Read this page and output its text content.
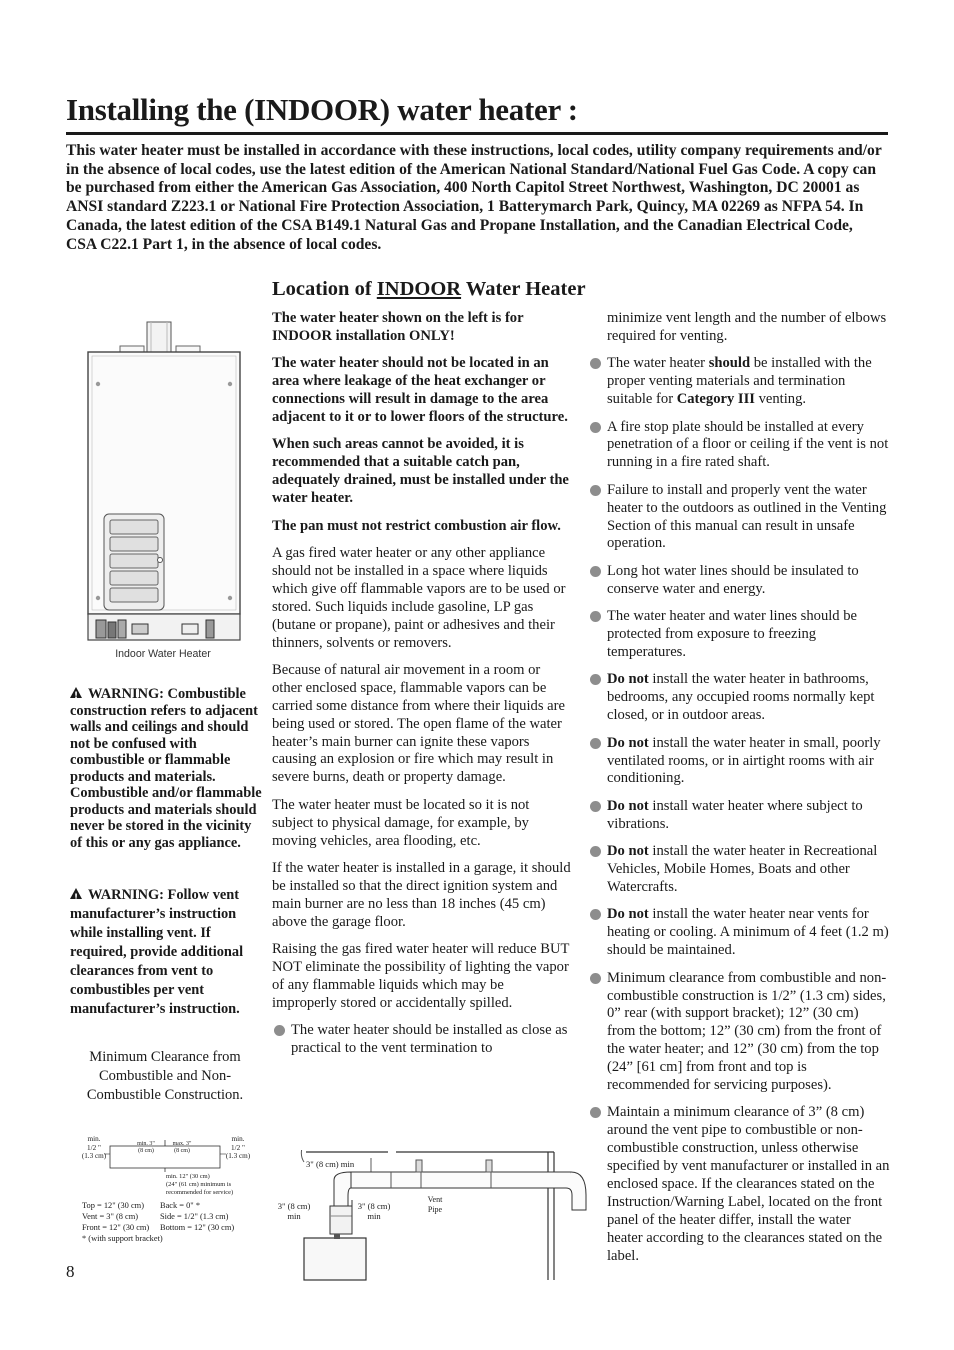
Installing the (INDOOR) water heater :
This water heater must be installed in accordance with these instructions, local codes, utility company requirements and/or in the absence of local codes, use the latest edition of the American National Standard/National Fuel Gas Code. A copy can be purchased from either the American Gas Association, 400 North Capitol Street Northwest, Washington, DC 20001 as ANSI standard Z223.1 or National Fire Protection Association, 1 Batterymarch Park, Quincy, MA 02269 as NFPA 54. In Canada, the latest edition of the CSA B149.1 Natural Gas and Propane Installation, and the Canadian Electrical Code, CSA C22.1 Part 1, in the absence of local codes.
Indoor Water Heater
!WARNING: Combustible construction refers to adjacent walls and ceilings and should not be confused with combustible or flammable products and materials. Combustible and/or flammable products and materials should never be stored in the vicinity of this or any gas appliance.
!WARNING: Follow vent manufacturer’s instruction while installing vent. If required, provide additional clearances from vent to combustibles per vent manufacturer’s instruction.
Minimum Clearance from Combustible and Non-Combustible Construction.
min.
1/2 "
(1.3 cm)
min.
1/2 "
(1.3 cm)
min. 3"
(8 cm)
max. 3"
(8 cm)
min. 12" (30 cm)
(24" (61 cm) minimum is
recommended for service)
Top = 12" (30 cm) Back = 0" *
Vent = 3" (8 cm)	Side = 1/2" (1.3 cm)
Front = 12" (30 cm) Bottom = 12" (30 cm)
* (with support bracket)
Location of INDOOR Water Heater

The water heater shown on the left is for INDOOR installation ONLY!

The water heater should not be located in an area where leakage of the heat exchanger or connections will result in damage to the area adjacent to it or to lower floors of the structure.

When such areas cannot be avoided, it is recommended that a suitable catch pan, adequately drained, must be installed under the water heater.

The pan must not restrict combustion air flow.

A gas fired water heater or any other appliance should not be installed in a space where liquids which give off flammable vapors are to be used or stored. Such liquids include gasoline, LP gas (butane or propane), paint or adhesives and their thinners, solvents or removers.

Because of natural air movement in a room or other enclosed space, flammable vapors can be carried some distance from where their liquids are being used or stored. The open flame of the water heater’s main burner can ignite these vapors causing an explosion or fire which may result in severe burns, death or property damage.

The water heater must be located so it is not subject to physical damage, for example, by moving vehicles, area flooding, etc.

If the water heater is installed in a garage, it should be installed so that the direct ignition system and main burner are no less than 18 inches (45 cm) above the garage floor.

Raising the gas fired water heater will reduce BUT NOT eliminate the possibility of lighting the vapor of any flammable liquids which may be improperly stored or accidentally spilled.

The water heater should be installed as close as practical to the vent termination to
3" (8 cm) min
3" (8 cm)
min
3" (8 cm)
min
Vent
Pipe
minimize vent length and the number of elbows required for venting.
The water heater should be installed with the proper venting materials and termination suitable for Category III venting.
A fire stop plate should be installed at every penetration of a floor or ceiling if the vent is not running in a fire rated shaft.
Failure to install and properly vent the water heater to the outdoors as outlined in the Venting Section of this manual can result in unsafe operation.
Long hot water lines should be insulated to conserve water and energy.
The water heater and water lines should be protected from exposure to freezing temperatures.
Do not install the water heater in bathrooms, bedrooms, any occupied rooms normally kept closed, or in outdoor areas.
Do not install the water heater in small, poorly ventilated rooms, or in airtight rooms with air conditioning.
Do not install water heater where subject to vibrations.
Do not install the water heater in Recreational Vehicles, Mobile Homes, Boats and other Watercrafts.
Do not install the water heater near vents for heating or cooling. A minimum of 4 feet (1.2 m) should be maintained.
Minimum clearance from combustible and non-combustible construction is 1/2” (1.3 cm) sides, 0” rear (with support bracket); 12” (30 cm) from the bottom; 12” (30 cm) from the front of the water heater; and 12” (30 cm) from the top (24” [61 cm] from front and top is recommended for servicing purposes).
Maintain a minimum clearance of 3” (8 cm) around the vent pipe to combustible or non-combustible construction, unless otherwise specified by vent manufacturer or installed in an enclosed space. If the clearances stated on the Instruction/Warning Label, located on the front panel of the heater differ, install the water heater according to the clearances stated on the label.
8
